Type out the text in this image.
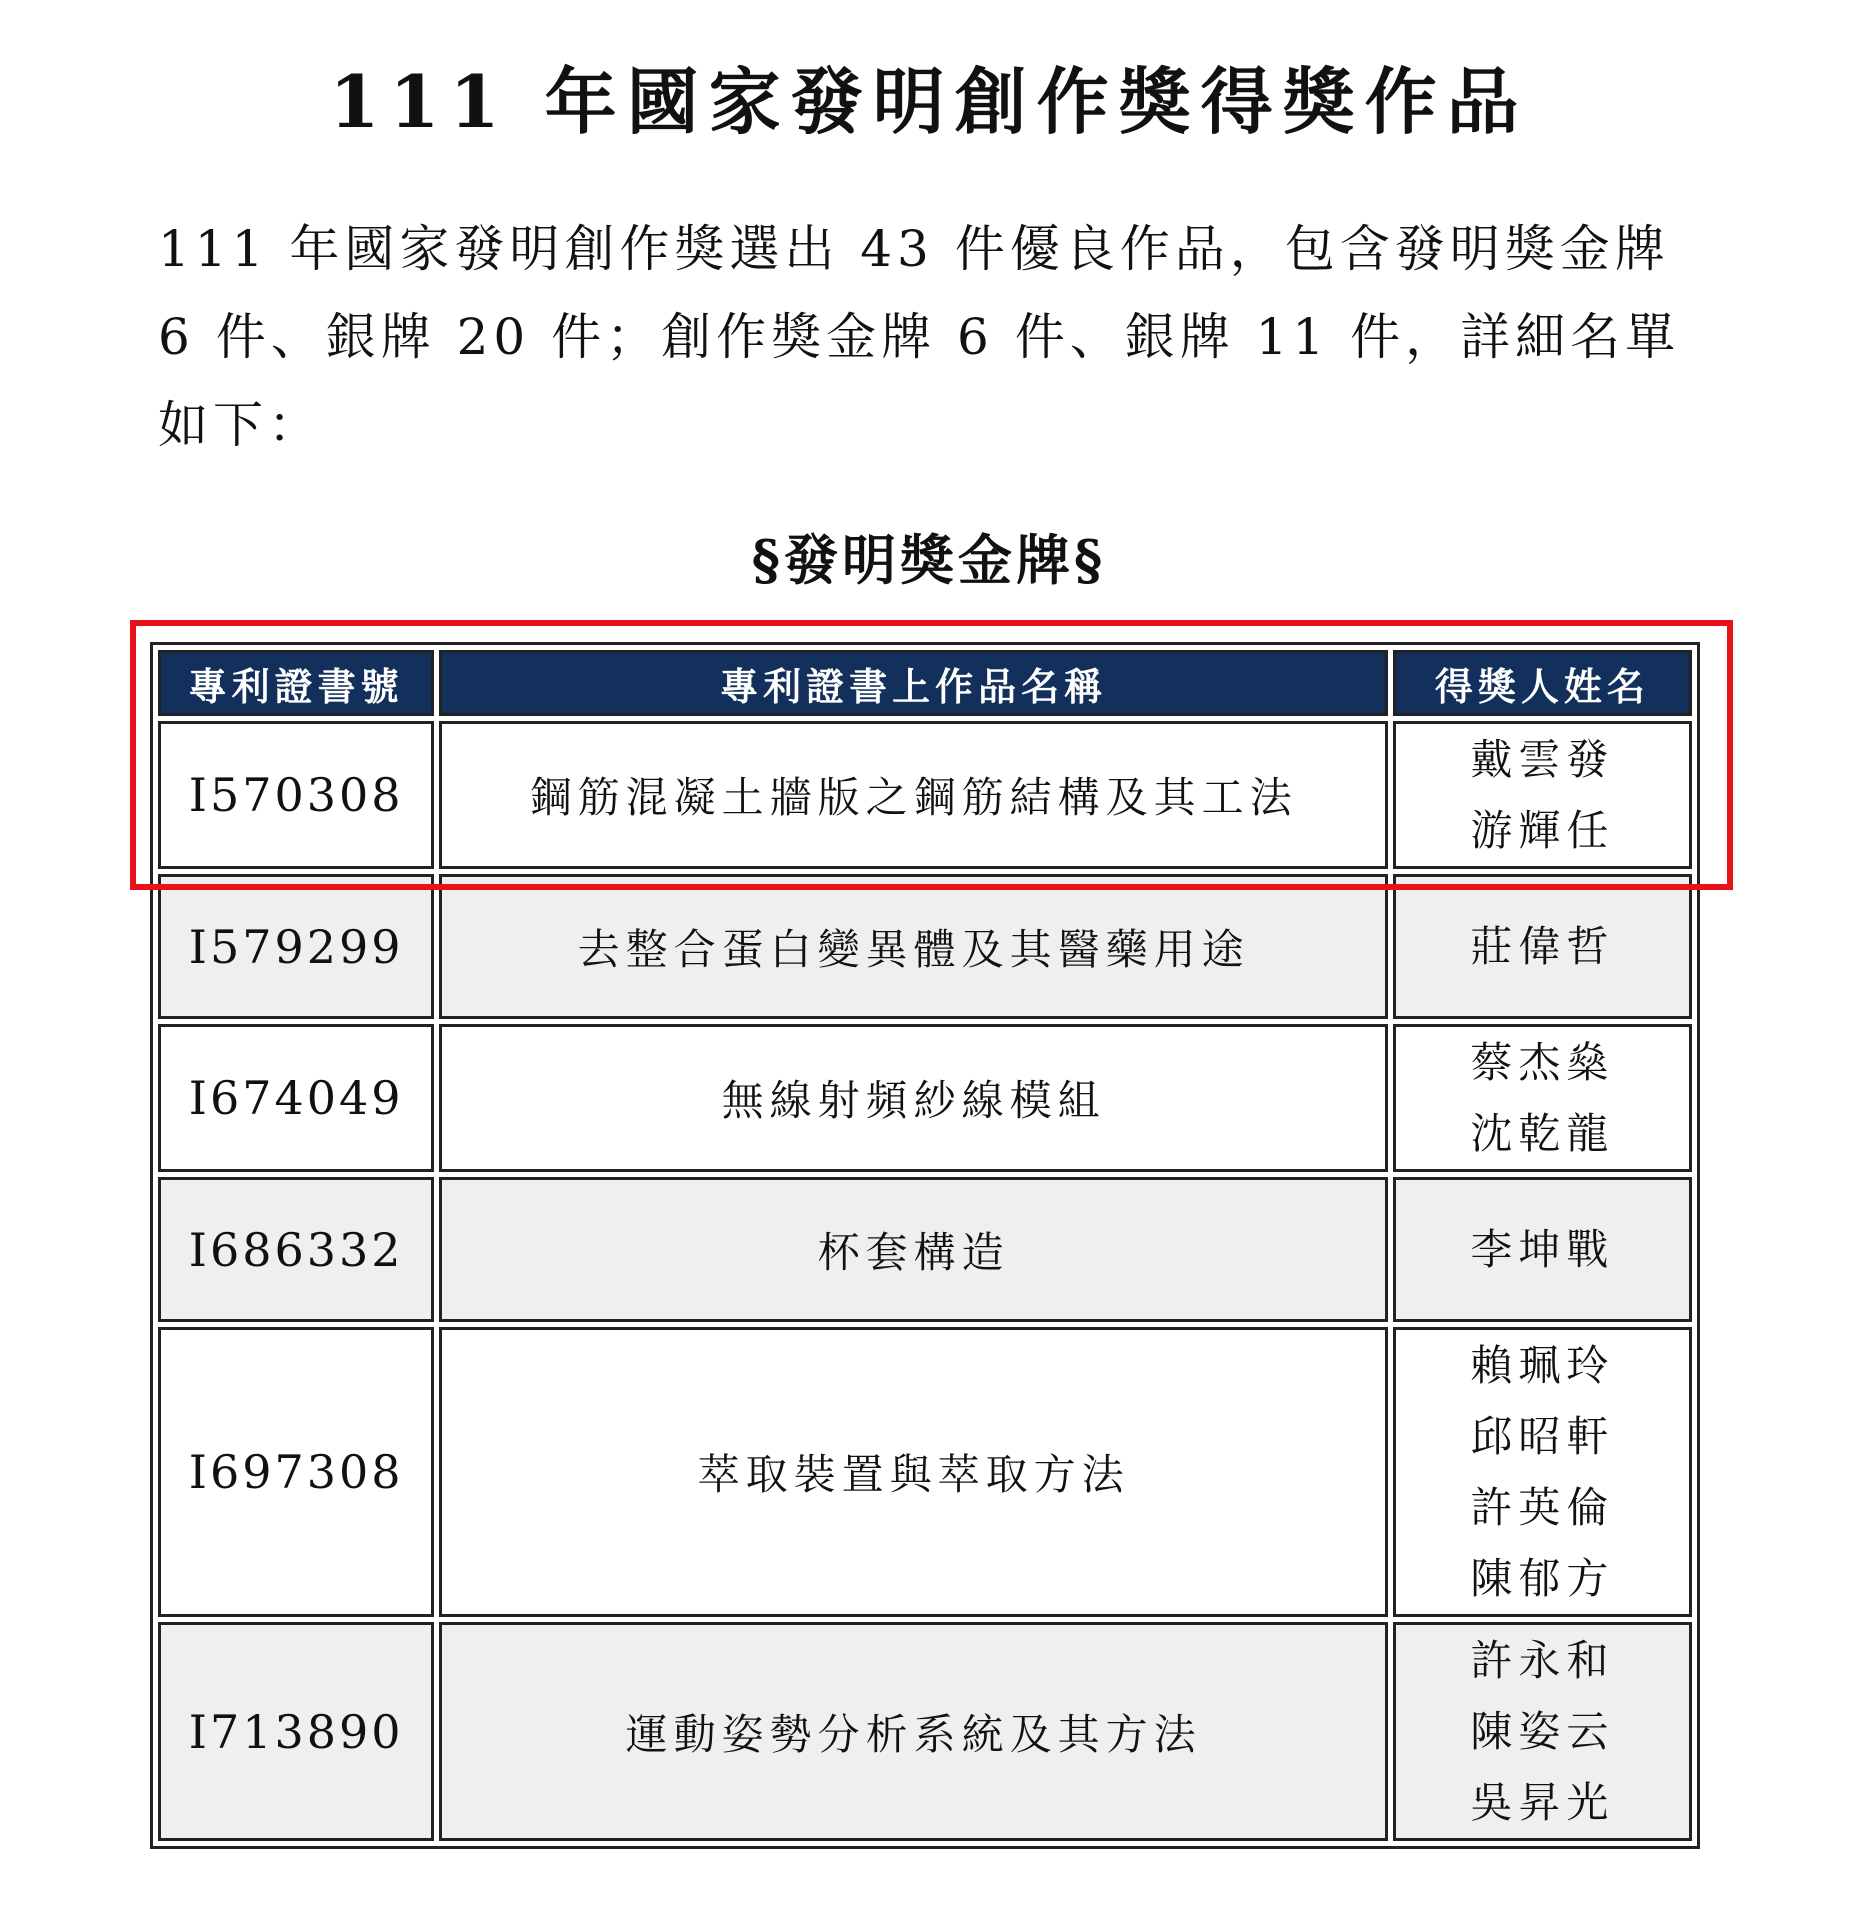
111 年國家發明創作獎得獎作品
111 年國家發明創作獎選出 43 件優良作品，包含發明獎金牌 6 件、銀牌 20 件；創作獎金牌 6 件、銀牌 11 件，詳細名單如下：
§發明獎金牌§
專利證書號	專利證書上作品名稱	得獎人姓名
I570308	鋼筋混凝土牆版之鋼筋結構及其工法	戴雲發
游輝任

I579299	去整合蛋白變異體及其醫藥用途	莊偉哲

I674049	無線射頻紗線模組	蔡杰燊
沈乾龍

I686332	杯套構造	李坤戰

I697308	萃取裝置與萃取方法	賴珮玲
邱昭軒
許英倫
陳郁方

I713890	運動姿勢分析系統及其方法	許永和
陳姿云
吳昇光
